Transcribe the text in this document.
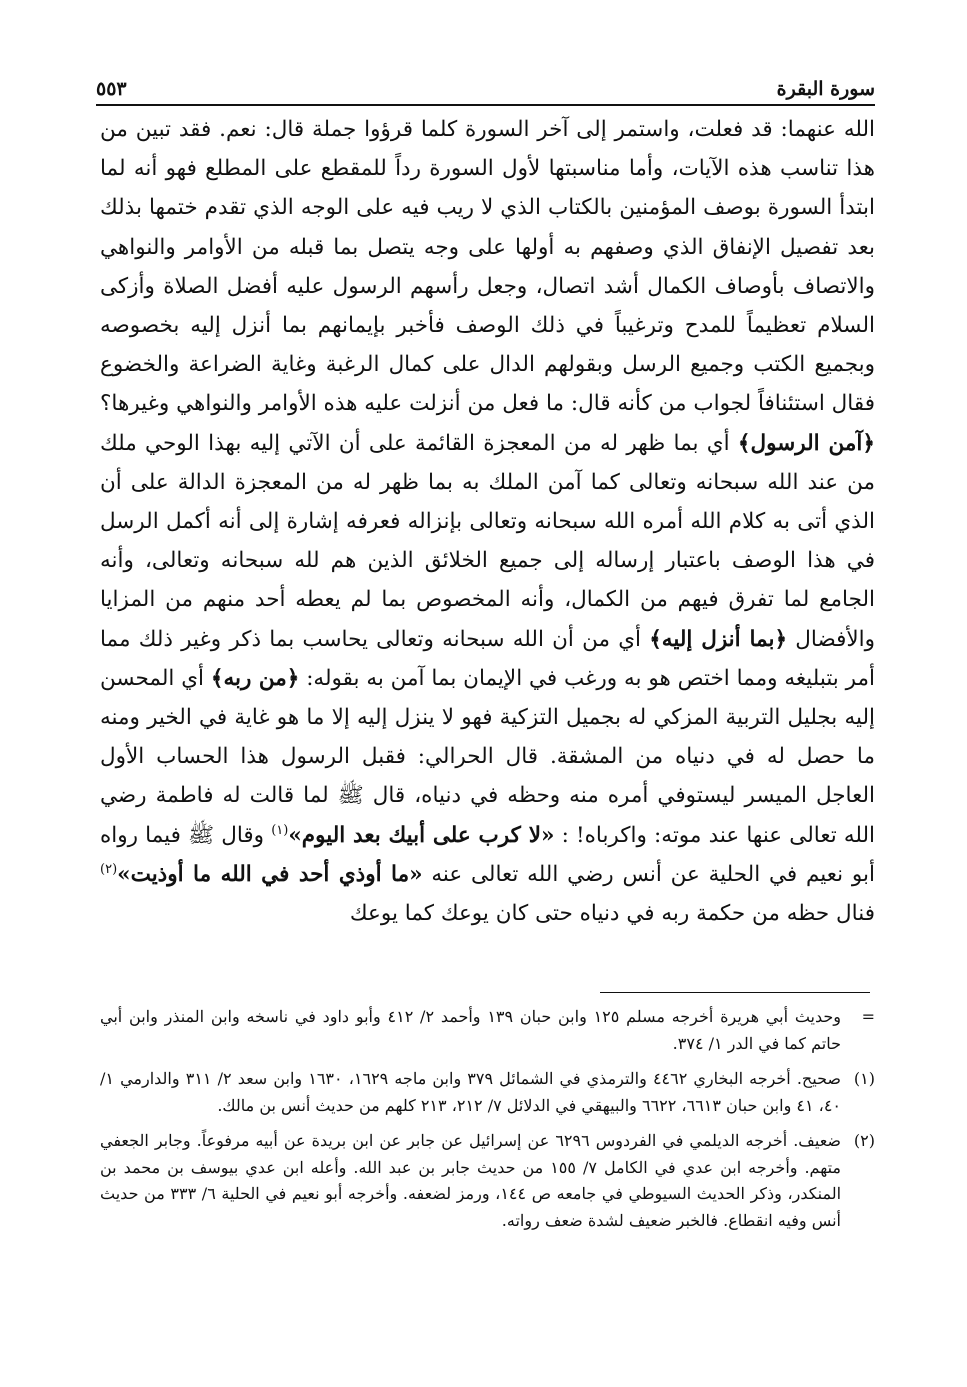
سورة البقرة
٥٥٣

الله عنهما: قد فعلت، واستمر إلى آخر السورة كلما قرؤوا جملة قال: نعم. فقد تبين من هذا تناسب هذه الآيات، وأما مناسبتها لأول السورة رداً للمقطع على المطلع فهو أنه لما ابتدأ السورة بوصف المؤمنين بالكتاب الذي لا ريب فيه على الوجه الذي تقدم ختمها بذلك بعد تفصيل الإنفاق الذي وصفهم به أولها على وجه يتصل بما قبله من الأوامر والنواهي والاتصاف بأوصاف الكمال أشد اتصال، وجعل رأسهم الرسول عليه أفضل الصلاة وأزكى السلام تعظيماً للمدح وترغيباً في ذلك الوصف فأخبر بإيمانهم بما أنزل إليه بخصوصه وبجميع الكتب وجميع الرسل وبقولهم الدال على كمال الرغبة وغاية الضراعة والخضوع فقال استئنافاً لجواب من كأنه قال: ما فعل من أنزلت عليه هذه الأوامر والنواهي وغيرها؟ ﴿آمن الرسول﴾ أي بما ظهر له من المعجزة القائمة على أن الآتي إليه بهذا الوحي ملك من عند الله سبحانه وتعالى كما آمن الملك به بما ظهر له من المعجزة الدالة على أن الذي أتى به كلام الله أمره الله سبحانه وتعالى بإنزاله فعرفه إشارة إلى أنه أكمل الرسل في هذا الوصف باعتبار إرساله إلى جميع الخلائق الذين هم لله سبحانه وتعالى، وأنه الجامع لما تفرق فيهم من الكمال، وأنه المخصوص بما لم يعطه أحد منهم من المزايا والأفضال ﴿بما أنزل إليه﴾ أي من أن الله سبحانه وتعالى يحاسب بما ذكر وغير ذلك مما أمر بتبليغه ومما اختص هو به ورغب في الإيمان بما آمن به بقوله: ﴿من ربه﴾ أي المحسن إليه بجليل التربية المزكي له بجميل التزكية فهو لا ينزل إليه إلا ما هو غاية في الخير ومنه ما حصل له في دنياه من المشقة. قال الحرالي: فقبل الرسول هذا الحساب الأول العاجل الميسر ليستوفي أمره منه وحظه في دنياه، قال ﷺ لما قالت له فاطمة رضي الله تعالى عنها عند موته: واكرباه! : «لا كرب على أبيك بعد اليوم»$^{(١)}$ وقال ﷺ فيما رواه أبو نعيم في الحلية عن أنس رضي الله تعالى عنه «ما أوذي أحد في الله ما أوذيت»$^{(٢)}$ فنال حظه من حكمة ربه في دنياه حتى كان يوعك كما يوعك

=
وحديث أبي هريرة أخرجه مسلم ١٢٥ وابن حبان ١٣٩ وأحمد ٢/ ٤١٢ وأبو داود في ناسخه وابن المنذر وابن أبي حاتم كما في الدر ١/ ٣٧٤.
(١)
صحيح. أخرجه البخاري ٤٤٦٢ والترمذي في الشمائل ٣٧٩ وابن ماجه ١٦٢٩، ١٦٣٠ وابن سعد ٢/ ٣١١ والدارمي ١/ ٤٠، ٤١ وابن حبان ٦٦١٣، ٦٦٢٢ والبيهقي في الدلائل ٧/ ٢١٢، ٢١٣ كلهم من حديث أنس بن مالك.
(٢)
ضعيف. أخرجه الديلمي في الفردوس ٦٢٩٦ عن إسرائيل عن جابر عن ابن بريدة عن أبيه مرفوعاً. وجابر الجعفي متهم. وأخرجه ابن عدي في الكامل ٧/ ١٥٥ من حديث جابر بن عبد الله. وأعله ابن عدي بيوسف بن محمد بن المنكدر، وذكر الحديث السيوطي في جامعه ص ١٤٤، ورمز لضعفه. وأخرجه أبو نعيم في الحلية ٦/ ٣٣٣ من حديث أنس وفيه انقطاع. فالخبر ضعيف لشدة ضعف رواته.
